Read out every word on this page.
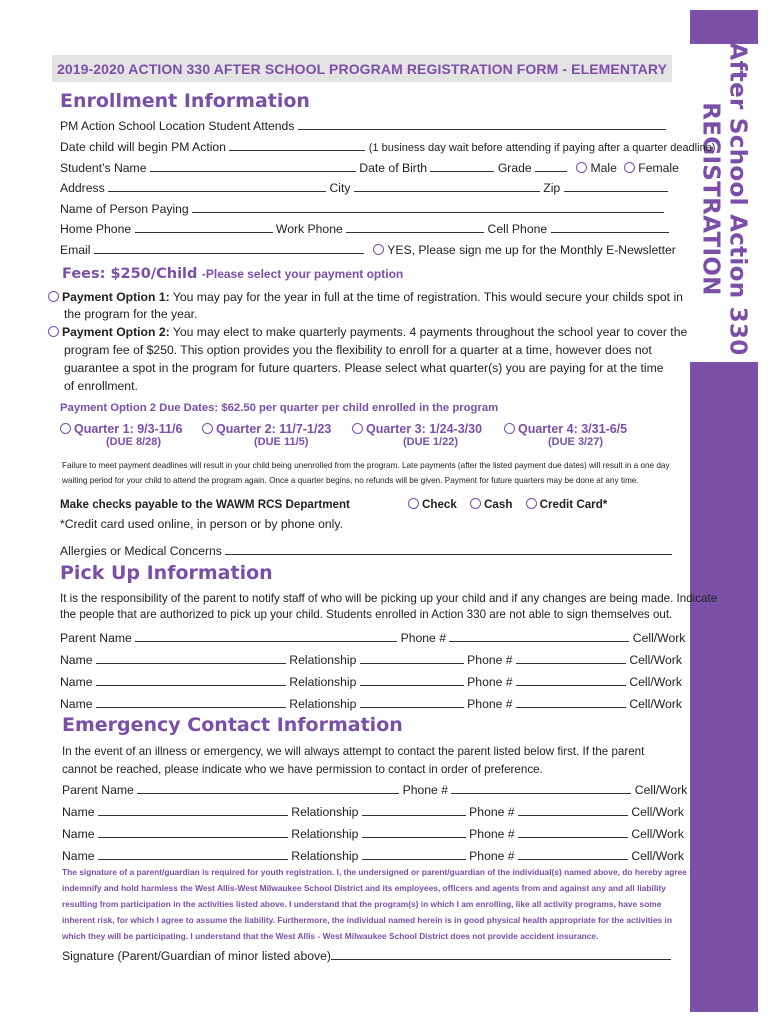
After School Action 330
REGISTRATION
2019-2020 ACTION 330 AFTER SCHOOL PROGRAM REGISTRATION FORM - ELEMENTARY
Enrollment Information
PM Action School Location Student Attends
Date child will begin PM Action	(1 business day wait before attending if paying after a quarter deadline)
Student’s Name	Date of Birth	Grade	Male Female
Address	City	Zip
Name of Person Paying
Home Phone	Work Phone	Cell Phone
Email	YES, Please sign me up for the Monthly E-Newsletter
Fees: $250/Child -Please select your payment option
Payment Option 1: You may pay for the year in full at the time of registration. This would secure your childs spot in
the program for the year.
Payment Option 2: You may elect to make quarterly payments. 4 payments throughout the school year to cover the
program fee of $250. This option provides you the flexibility to enroll for a quarter at a time, however does not
guarantee a spot in the program for future quarters. Please select what quarter(s) you are paying for at the time
of enrollment.
Payment Option 2 Due Dates: $62.50 per quarter per child enrolled in the program
Quarter 1: 9/3-11/6
(DUE 8/28)
Quarter 2: 11/7-1/23
(DUE 11/5)
Quarter 3: 1/24-3/30
(DUE 1/22)
Quarter 4: 3/31-6/5
(DUE 3/27)
Failure to meet payment deadlines will result in your child being unenrolled from the program. Late payments (after the listed payment due dates) will result in a one day
waiting period for your child to attend the program again. Once a quarter begins, no refunds will be given. Payment for future quarters may be done at any time.
Make checks payable to the WAWM RCS Department	Check Cash Credit Card*
*Credit card used online, in person or by phone only.
Allergies or Medical Concerns
Pick Up Information
It is the responsibility of the parent to notify staff of who will be picking up your child and if any changes are being made. Indicate
the people that are authorized to pick up your child. Students enrolled in Action 330 are not able to sign themselves out.
Parent Name	Phone #	Cell/Work
Name	Relationship	Phone #	Cell/Work
Name	Relationship	Phone #	Cell/Work
Name	Relationship	Phone #	Cell/Work
Emergency Contact Information
In the event of an illness or emergency, we will always attempt to contact the parent listed below first. If the parent
cannot be reached, please indicate who we have permission to contact in order of preference.
Parent Name	Phone #	Cell/Work
Name	Relationship	Phone #	Cell/Work
Name	Relationship	Phone #	Cell/Work
Name	Relationship	Phone #	Cell/Work
The signature of a parent/guardian is required for youth registration. I, the undersigned or parent/guardian of the individual(s) named above, do hereby agree to
indemnify and hold harmless the West Allis-West Milwaukee School District and its employees, officers and agents from and against any and all liability
resulting from participation in the activities listed above. I understand that the program(s) in which I am enrolling, like all activity programs, have some
inherent risk, for which I agree to assume the liability. Furthermore, the individual named herein is in good physical health appropriate for the activities in
which they will be participating. I understand that the West Allis - West Milwaukee School District does not provide accident insurance.
Signature (Parent/Guardian of minor listed above)
